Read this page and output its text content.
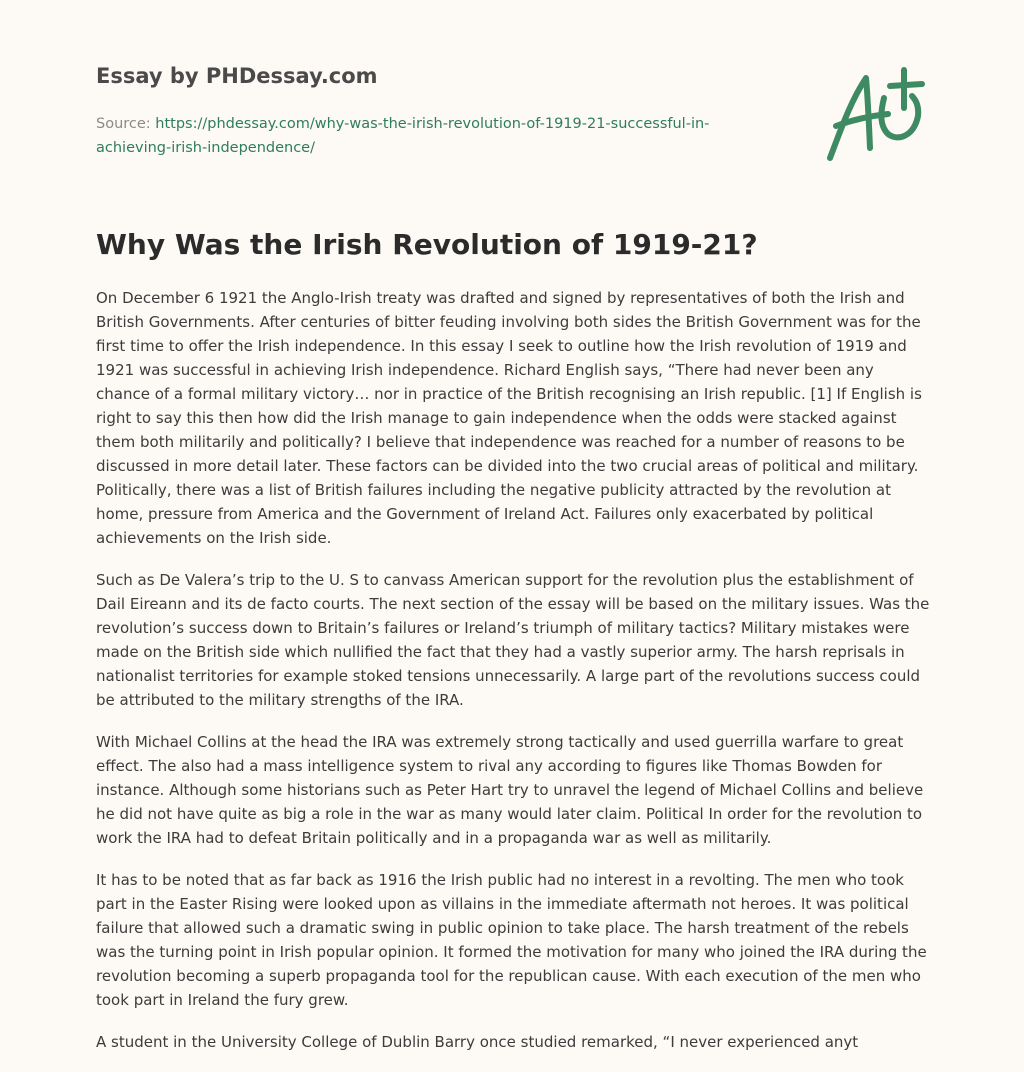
Essay by PHDessay.com

Source: https://phdessay.com/why-was-the-irish-revolution-of-1919-21-successful-in-achieving-irish-independence/

Why Was the Irish Revolution of 1919-21?

On December 6 1921 the Anglo-Irish treaty was drafted and signed by representatives of both the Irish and British Governments. After centuries of bitter feuding involving both sides the British Government was for the first time to offer the Irish independence. In this essay I seek to outline how the Irish revolution of 1919 and 1921 was successful in achieving Irish independence. Richard English says, “There had never been any chance of a formal military victory… nor in practice of the British recognising an Irish republic. [1] If English is right to say this then how did the Irish manage to gain independence when the odds were stacked against them both militarily and politically? I believe that independence was reached for a number of reasons to be discussed in more detail later. These factors can be divided into the two crucial areas of political and military. Politically, there was a list of British failures including the negative publicity attracted by the revolution at home, pressure from America and the Government of Ireland Act. Failures only exacerbated by political achievements on the Irish side.

Such as De Valera’s trip to the U. S to canvass American support for the revolution plus the establishment of Dail Eireann and its de facto courts. The next section of the essay will be based on the military issues. Was the revolution’s success down to Britain’s failures or Ireland’s triumph of military tactics? Military mistakes were made on the British side which nullified the fact that they had a vastly superior army. The harsh reprisals in nationalist territories for example stoked tensions unnecessarily. A large part of the revolutions success could be attributed to the military strengths of the IRA.

With Michael Collins at the head the IRA was extremely strong tactically and used guerrilla warfare to great effect. The also had a mass intelligence system to rival any according to figures like Thomas Bowden for instance. Although some historians such as Peter Hart try to unravel the legend of Michael Collins and believe he did not have quite as big a role in the war as many would later claim. Political In order for the revolution to work the IRA had to defeat Britain politically and in a propaganda war as well as militarily.

It has to be noted that as far back as 1916 the Irish public had no interest in a revolting. The men who took part in the Easter Rising were looked upon as villains in the immediate aftermath not heroes. It was political failure that allowed such a dramatic swing in public opinion to take place. The harsh treatment of the rebels was the turning point in Irish popular opinion. It formed the motivation for many who joined the IRA during the revolution becoming a superb propaganda tool for the republican cause. With each execution of the men who took part in Ireland the fury grew.

A student in the University College of Dublin Barry once studied remarked, “I never experienced anyt
